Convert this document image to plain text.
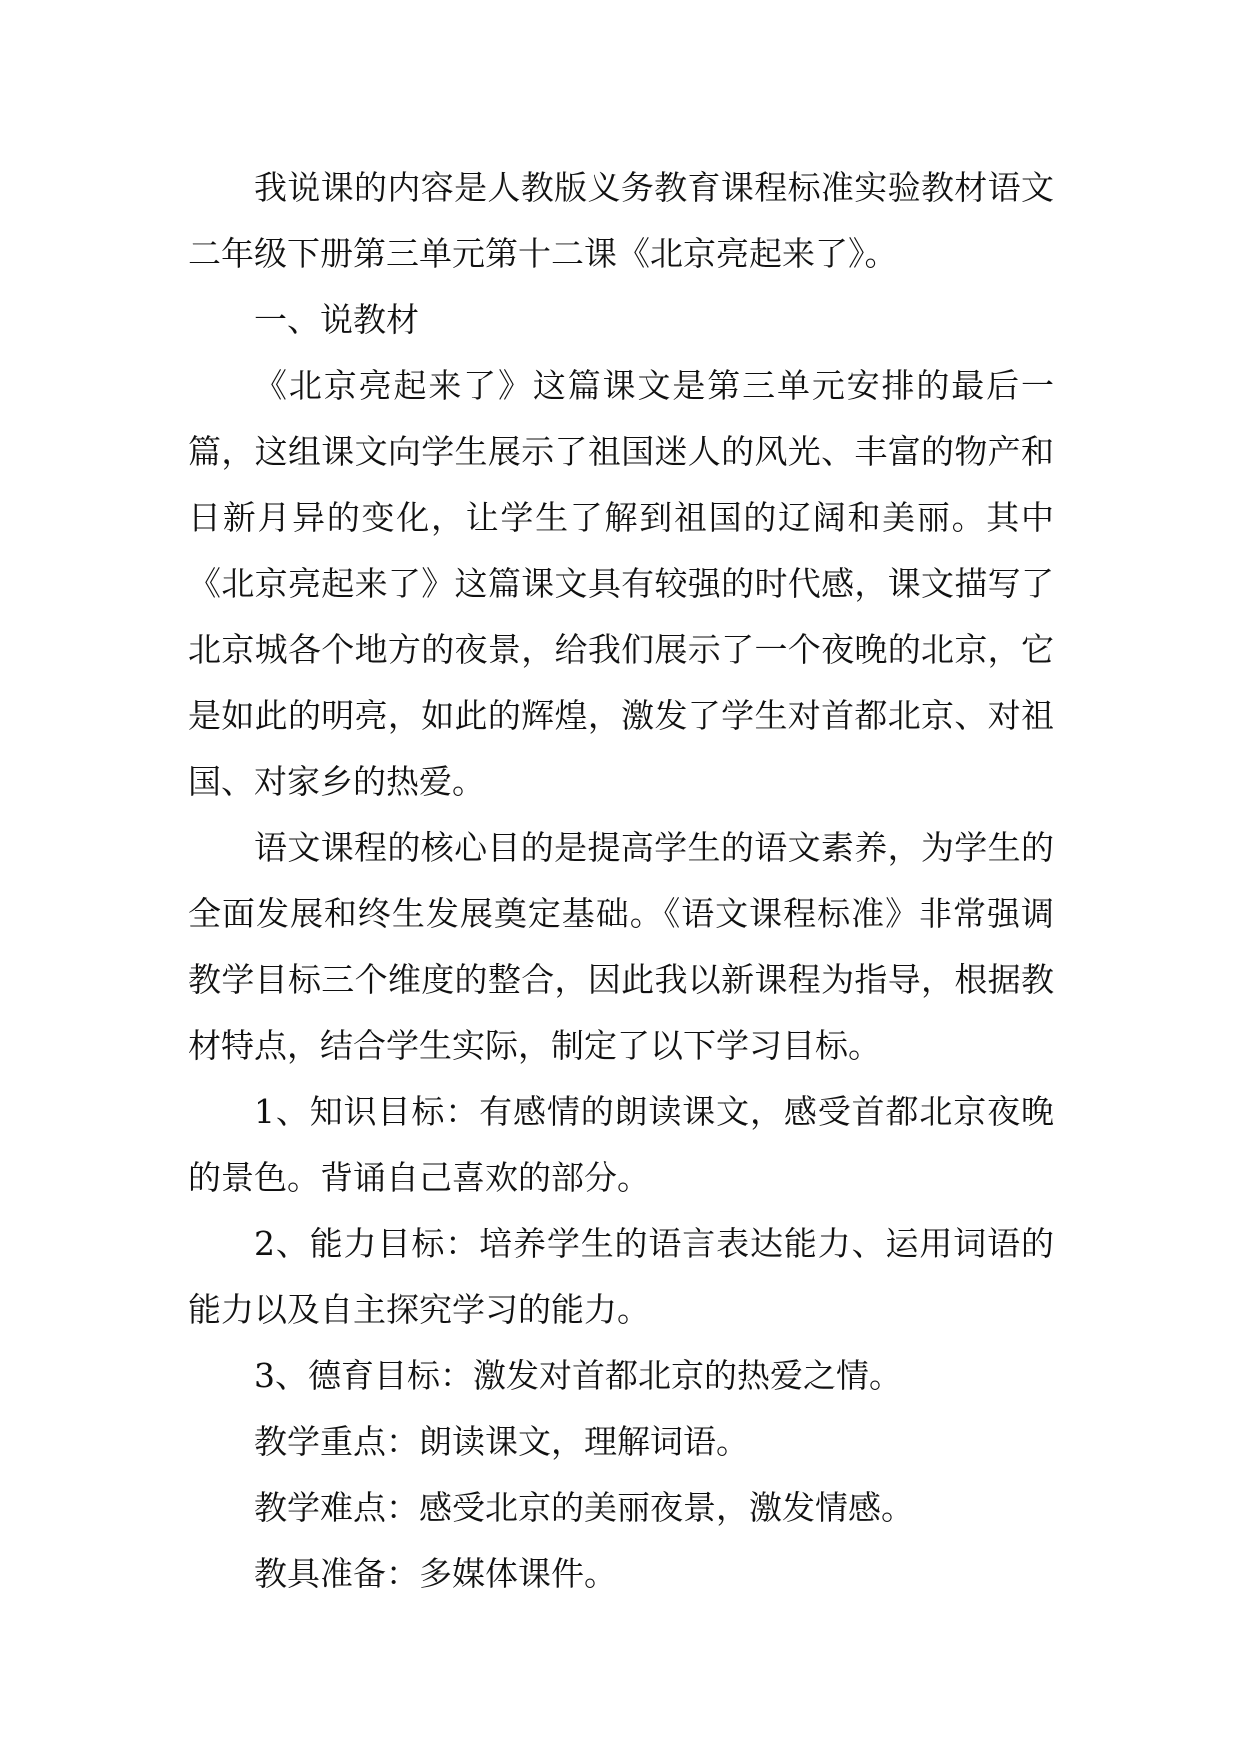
我说课的内容是人教版义务教育课程标准实验教材语文二年级下册第三单元第十二课《北京亮起来了》。

一、说教材

《北京亮起来了》这篇课文是第三单元安排的最后一篇，这组课文向学生展示了祖国迷人的风光、丰富的物产和日新月异的变化，让学生了解到祖国的辽阔和美丽。其中《北京亮起来了》这篇课文具有较强的时代感，课文描写了北京城各个地方的夜景，给我们展示了一个夜晚的北京，它是如此的明亮，如此的辉煌，激发了学生对首都北京、对祖国、对家乡的热爱。

语文课程的核心目的是提高学生的语文素养，为学生的全面发展和终生发展奠定基础。《语文课程标准》非常强调教学目标三个维度的整合，因此我以新课程为指导，根据教材特点，结合学生实际，制定了以下学习目标。

1、知识目标：有感情的朗读课文，感受首都北京夜晚的景色。背诵自己喜欢的部分。

2、能力目标：培养学生的语言表达能力、运用词语的能力以及自主探究学习的能力。

3、德育目标：激发对首都北京的热爱之情。

教学重点：朗读课文，理解词语。

教学难点：感受北京的美丽夜景，激发情感。

教具准备：多媒体课件。
